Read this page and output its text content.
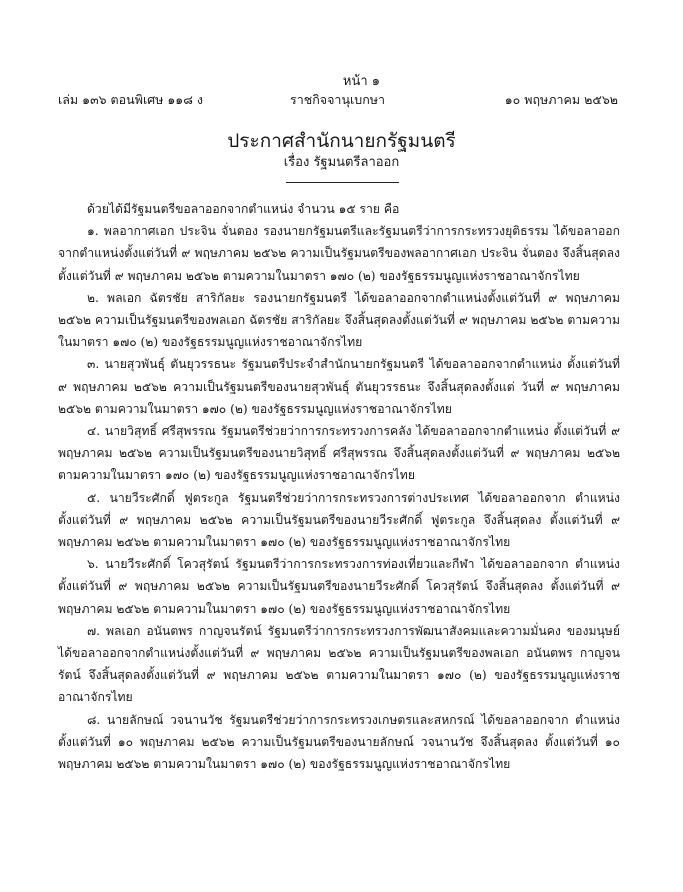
หน้า ๑
เล่ม ๑๓๖ ตอนพิเศษ ๑๑๘ ง	ราชกิจจานุเบกษา	๑๐ พฤษภาคม ๒๕๖๒
ประกาศสำนักนายกรัฐมนตรี
เรื่อง รัฐมนตรีลาออก

ด้วยได้มีรัฐมนตรีขอลาออกจากตำแหน่ง จำนวน ๑๕ ราย คือ

๑. พลอากาศเอก ประจิน จั่นตอง รองนายกรัฐมนตรีและรัฐมนตรีว่าการกระทรวงยุติธรรม ได้ขอลาออกจากตำแหน่งตั้งแต่วันที่ ๙ พฤษภาคม ๒๕๖๒ ความเป็นรัฐมนตรีของพลอากาศเอก ประจิน จั่นตอง จึงสิ้นสุดลงตั้งแต่วันที่ ๙ พฤษภาคม ๒๕๖๒ ตามความในมาตรา ๑๗๐ (๒) ของรัฐธรรมนูญแห่งราชอาณาจักรไทย

๒. พลเอก ฉัตรชัย สาริกัลยะ รองนายกรัฐมนตรี ได้ขอลาออกจากตำแหน่งตั้งแต่วันที่ ๙ พฤษภาคม ๒๕๖๒ ความเป็นรัฐมนตรีของพลเอก ฉัตรชัย สาริกัลยะ จึงสิ้นสุดลงตั้งแต่วันที่ ๙ พฤษภาคม ๒๕๖๒ ตามความในมาตรา ๑๗๐ (๒) ของรัฐธรรมนูญแห่งราชอาณาจักรไทย

๓. นายสุวพันธุ์ ตันยุวรรธนะ รัฐมนตรีประจำสำนักนายกรัฐมนตรี ได้ขอลาออกจากตำแหน่ง ตั้งแต่วันที่ ๙ พฤษภาคม ๒๕๖๒ ความเป็นรัฐมนตรีของนายสุวพันธุ์ ตันยุวรรธนะ จึงสิ้นสุดลงตั้งแต่ วันที่ ๙ พฤษภาคม ๒๕๖๒ ตามความในมาตรา ๑๗๐ (๒) ของรัฐธรรมนูญแห่งราชอาณาจักรไทย

๔. นายวิสุทธิ์ ศรีสุพรรณ รัฐมนตรีช่วยว่าการกระทรวงการคลัง ได้ขอลาออกจากตำแหน่ง ตั้งแต่วันที่ ๙ พฤษภาคม ๒๕๖๒ ความเป็นรัฐมนตรีของนายวิสุทธิ์ ศรีสุพรรณ จึงสิ้นสุดลงตั้งแต่วันที่ ๙ พฤษภาคม ๒๕๖๒ ตามความในมาตรา ๑๗๐ (๒) ของรัฐธรรมนูญแห่งราชอาณาจักรไทย

๕. นายวีระศักดิ์ ฟูตระกูล รัฐมนตรีช่วยว่าการกระทรวงการต่างประเทศ ได้ขอลาออกจาก ตำแหน่งตั้งแต่วันที่ ๙ พฤษภาคม ๒๕๖๒ ความเป็นรัฐมนตรีของนายวีระศักดิ์ ฟูตระกูล จึงสิ้นสุดลง ตั้งแต่วันที่ ๙ พฤษภาคม ๒๕๖๒ ตามความในมาตรา ๑๗๐ (๒) ของรัฐธรรมนูญแห่งราชอาณาจักรไทย

๖. นายวีระศักดิ์ โควสุรัตน์ รัฐมนตรีว่าการกระทรวงการท่องเที่ยวและกีฬา ได้ขอลาออกจาก ตำแหน่งตั้งแต่วันที่ ๙ พฤษภาคม ๒๕๖๒ ความเป็นรัฐมนตรีของนายวีระศักดิ์ โควสุรัตน์ จึงสิ้นสุดลง ตั้งแต่วันที่ ๙ พฤษภาคม ๒๕๖๒ ตามความในมาตรา ๑๗๐ (๒) ของรัฐธรรมนูญแห่งราชอาณาจักรไทย

๗. พลเอก อนันตพร กาญจนรัตน์ รัฐมนตรีว่าการกระทรวงการพัฒนาสังคมและความมั่นคง ของมนุษย์ ได้ขอลาออกจากตำแหน่งตั้งแต่วันที่ ๙ พฤษภาคม ๒๕๖๒ ความเป็นรัฐมนตรีของพลเอก อนันตพร กาญจนรัตน์ จึงสิ้นสุดลงตั้งแต่วันที่ ๙ พฤษภาคม ๒๕๖๒ ตามความในมาตรา ๑๗๐ (๒) ของรัฐธรรมนูญแห่งราชอาณาจักรไทย

๘. นายลักษณ์ วจนานวัช รัฐมนตรีช่วยว่าการกระทรวงเกษตรและสหกรณ์ ได้ขอลาออกจาก ตำแหน่งตั้งแต่วันที่ ๑๐ พฤษภาคม ๒๕๖๒ ความเป็นรัฐมนตรีของนายลักษณ์ วจนานวัช จึงสิ้นสุดลง ตั้งแต่วันที่ ๑๐ พฤษภาคม ๒๕๖๒ ตามความในมาตรา ๑๗๐ (๒) ของรัฐธรรมนูญแห่งราชอาณาจักรไทย
